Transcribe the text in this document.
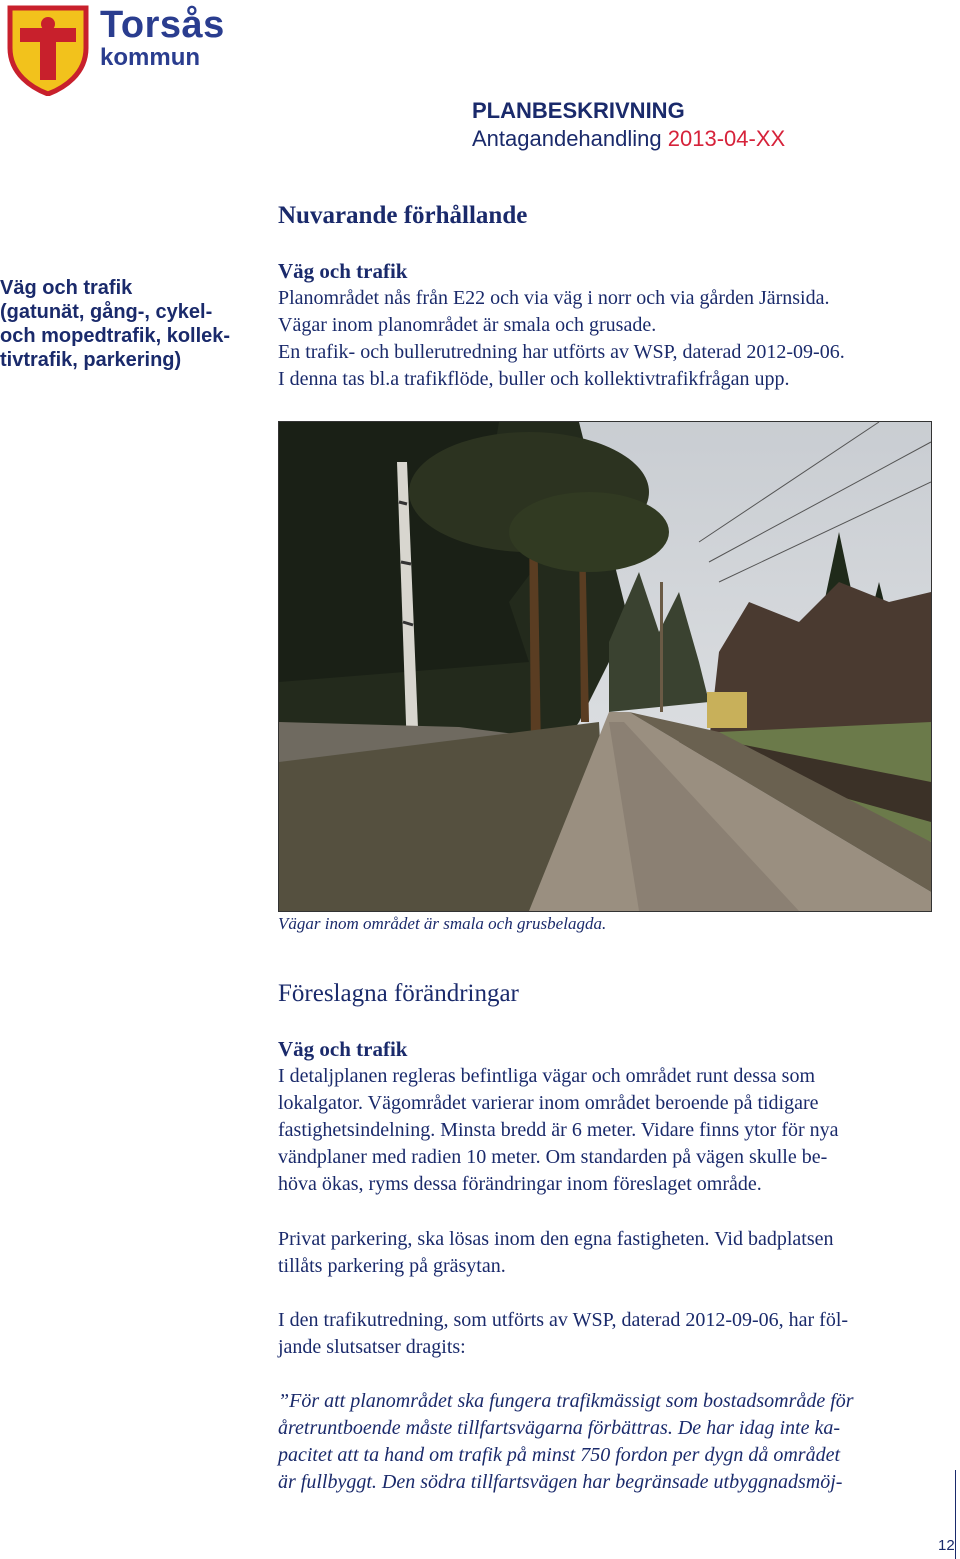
Torsås
kommun
PLANBESKRIVNING
Antagandehandling 2013-04-XX
Nuvarande förhållande
Väg och trafik
(gatunät, gång-, cykel-
och mopedtrafik, kollek-
tivtrafik, parkering)
Väg och trafik

Planområdet nås från E22 och via väg i norr och via gården Järnsida.

Vägar inom planområdet är smala och grusade.

En trafik- och bullerutredning har utförts av WSP, daterad 2012-09-06.

I denna tas bl.a trafikflöde, buller och kollektivtrafikfrågan upp.

Vägar inom området är smala och grusbelagda.
Föreslagna förändringar
Väg och trafik

I detaljplanen regleras befintliga vägar och området runt dessa som

lokalgator. Vägområdet varierar inom området beroende på tidigare

fastighetsindelning. Minsta bredd är 6 meter. Vidare finns ytor för nya

vändplaner med radien 10 meter. Om standarden på vägen skulle be-

höva ökas, ryms dessa förändringar inom föreslaget område.

Privat parkering, ska lösas inom den egna fastigheten. Vid badplatsen

tillåts parkering på gräsytan.

I den trafikutredning, som utförts av WSP, daterad 2012-09-06, har föl-

jande slutsatser dragits:

”För att planområdet ska fungera trafikmässigt som bostadsområde för
åretruntboende måste tillfartsvägarna förbättras. De har idag inte ka-
pacitet att ta hand om trafik på minst 750 fordon per dygn då området
är fullbyggt. Den södra tillfartsvägen har begränsade utbyggnadsmöj-
12
